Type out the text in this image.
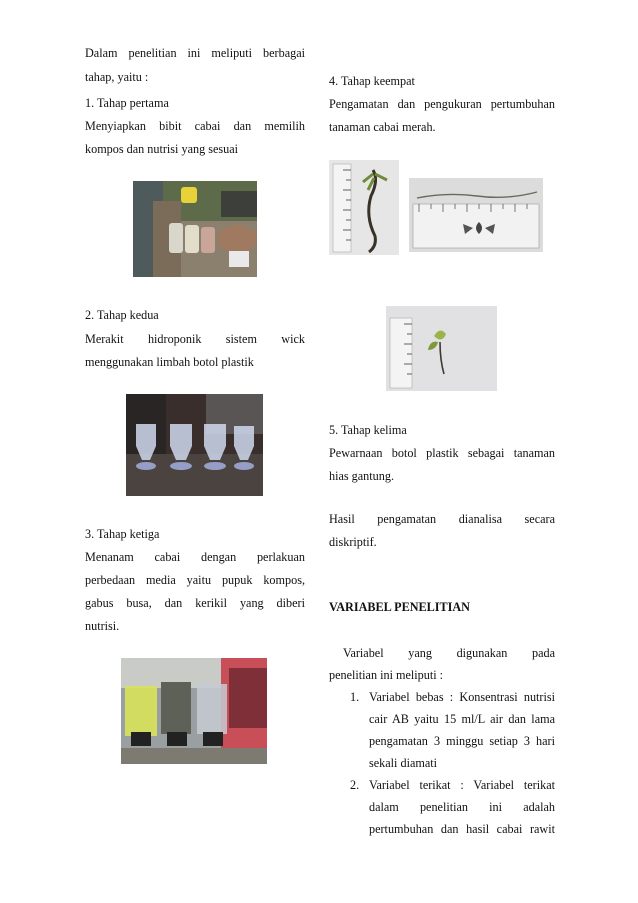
Dalam penelitian ini meliputi berbagai
tahap, yaitu :
1. Tahap pertama
Menyiapkan bibit cabai dan memilih
kompos dan nutrisi yang sesuai
2. Tahap kedua
Merakit hidroponik sistem wick
menggunakan limbah botol plastik
3. Tahap ketiga
Menanam cabai dengan perlakuan
perbedaan media yaitu pupuk kompos,
gabus busa, dan kerikil yang diberi
nutrisi.
4. Tahap keempat
Pengamatan dan pengukuran pertumbuhan
tanaman cabai merah.
5. Tahap kelima
Pewarnaan botol plastik sebagai tanaman
hias gantung.
Hasil pengamatan dianalisa secara
diskriptif.
VARIABEL PENELITIAN
Variabel yang digunakan pada
penelitian ini meliputi :
1. Variabel bebas : Konsentrasi nutrisi
cair AB yaitu 15 ml/L air dan lama
pengamatan 3 minggu setiap 3 hari
sekali diamati
2. Variabel terikat : Variabel terikat
dalam penelitian ini adalah
pertumbuhan dan hasil cabai rawit
